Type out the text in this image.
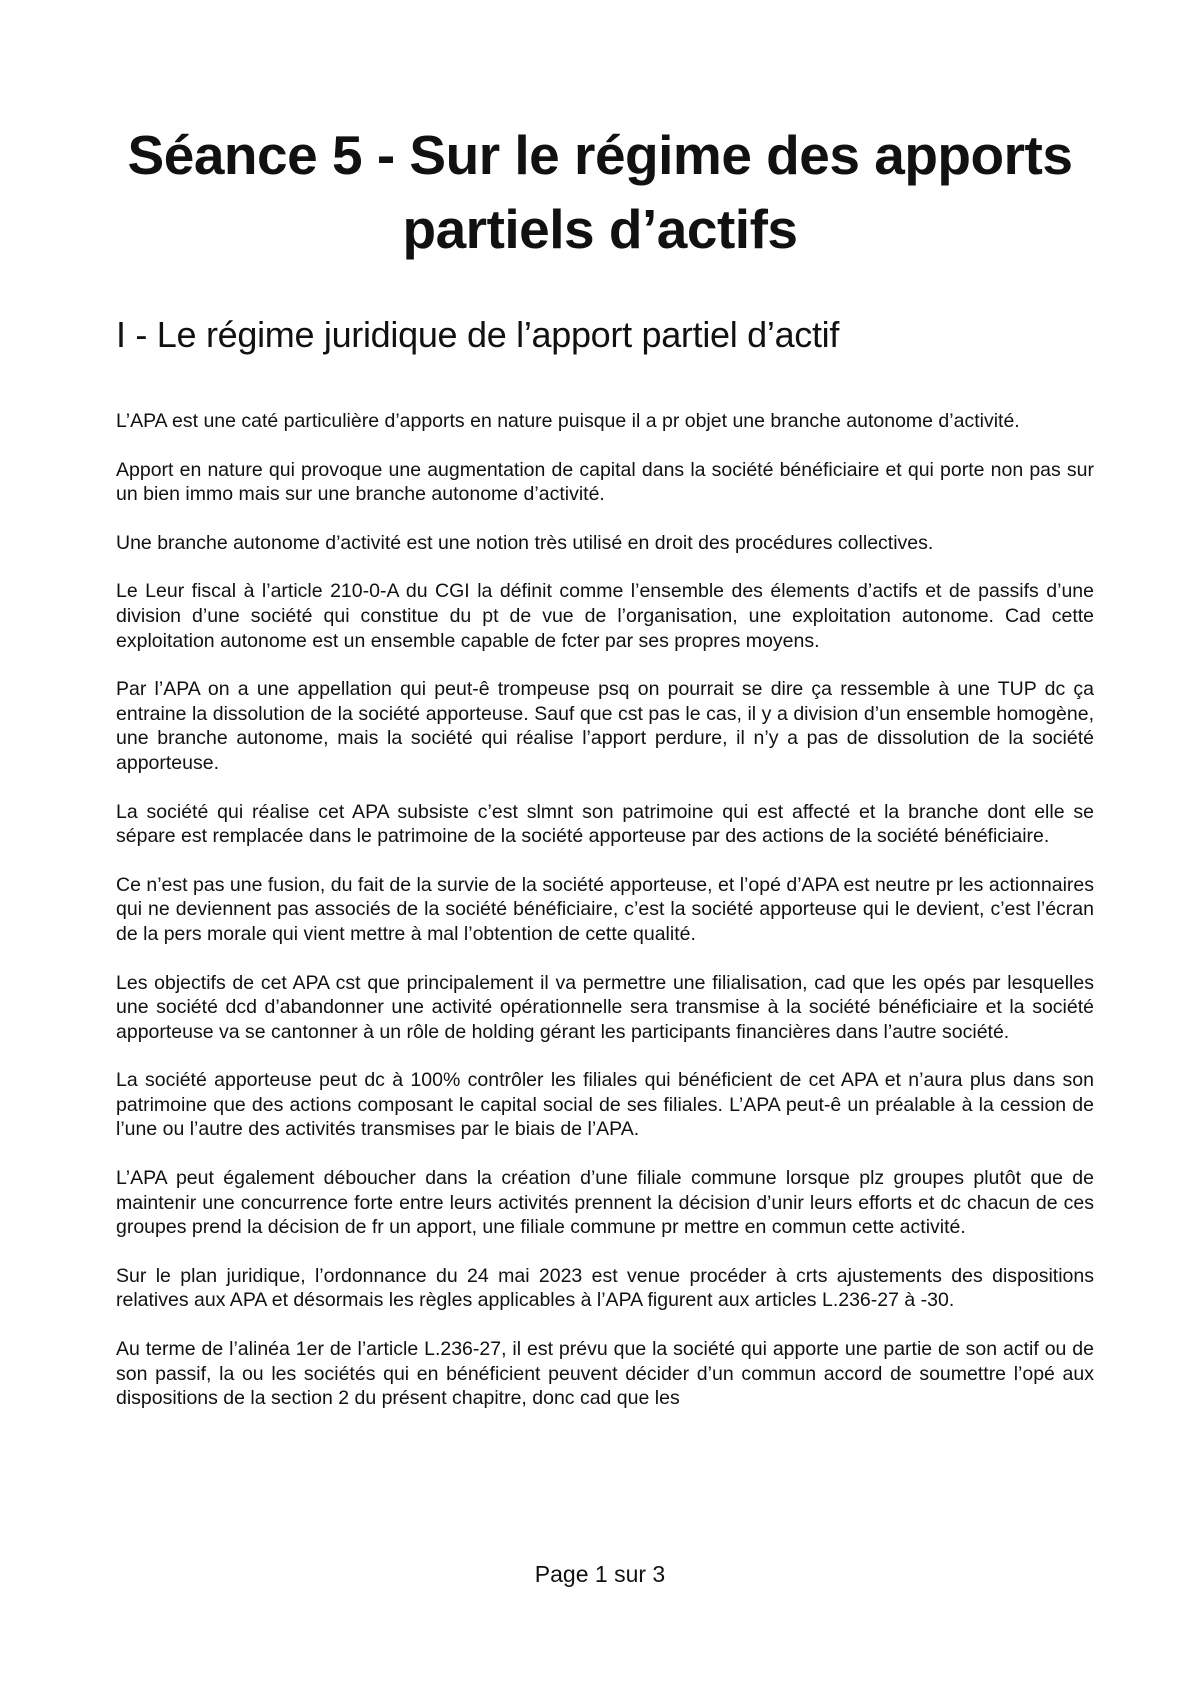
Séance 5 - Sur le régime des apports partiels d’actifs
I - Le régime juridique de l’apport partiel d’actif

L’APA est une caté particulière d’apports en nature puisque il a pr objet une branche autonome d’activité.

Apport en nature qui provoque une augmentation de capital dans la société bénéficiaire et qui porte non pas sur un bien immo mais sur une branche autonome d’activité.

Une branche autonome d’activité est une notion très utilisé en droit des procédures collectives.

Le Leur fiscal à l’article 210-0-A du CGI la définit comme l’ensemble des élements d’actifs et de passifs d’une division d’une société qui constitue du pt de vue de l’organisation, une exploitation autonome. Cad cette exploitation autonome est un ensemble capable de fcter par ses propres moyens.

Par l’APA on a une appellation qui peut-ê trompeuse psq on pourrait se dire ça ressemble à une TUP dc ça entraine la dissolution de la société apporteuse. Sauf que cst pas le cas, il y a division d’un ensemble homogène, une branche autonome, mais la société qui réalise l’apport perdure, il n’y a pas de dissolution de la société apporteuse.

La société qui réalise cet APA subsiste c’est slmnt son patrimoine qui est affecté et la branche dont elle se sépare est remplacée dans le patrimoine de la société apporteuse par des actions de la société bénéficiaire.

Ce n’est pas une fusion, du fait de la survie de la société apporteuse, et l’opé d’APA est neutre pr les actionnaires qui ne deviennent pas associés de la société bénéficiaire, c’est la société apporteuse qui le devient, c’est l’écran de la pers morale qui vient mettre à mal l’obtention de cette qualité.

Les objectifs de cet APA cst que principalement il va permettre une filialisation, cad que les opés par lesquelles une société dcd d’abandonner une activité opérationnelle sera transmise à la société bénéficiaire et la société apporteuse va se cantonner à un rôle de holding gérant les participants financières dans l’autre société.

La société apporteuse peut dc à 100% contrôler les filiales qui bénéficient de cet APA et n’aura plus dans son patrimoine que des actions composant le capital social de ses filiales. L’APA peut-ê un préalable à la cession de l’une ou l’autre des activités transmises par le biais de l’APA.

L’APA peut également déboucher dans la création d’une filiale commune lorsque plz groupes plutôt que de maintenir une concurrence forte entre leurs activités prennent la décision d’unir leurs efforts et dc chacun de ces groupes prend la décision de fr un apport, une filiale commune pr mettre en commun cette activité.

Sur le plan juridique, l’ordonnance du 24 mai 2023 est venue procéder à crts ajustements des dispositions relatives aux APA et désormais les règles applicables à l’APA figurent aux articles L.236-27 à -30.

Au terme de l’alinéa 1er de l’article L.236-27, il est prévu que la société qui apporte une partie de son actif ou de son passif, la ou les sociétés qui en bénéficient peuvent décider d’un commun accord de soumettre l’opé aux dispositions de la section 2 du présent chapitre, donc cad que les

Page 1 sur 3
